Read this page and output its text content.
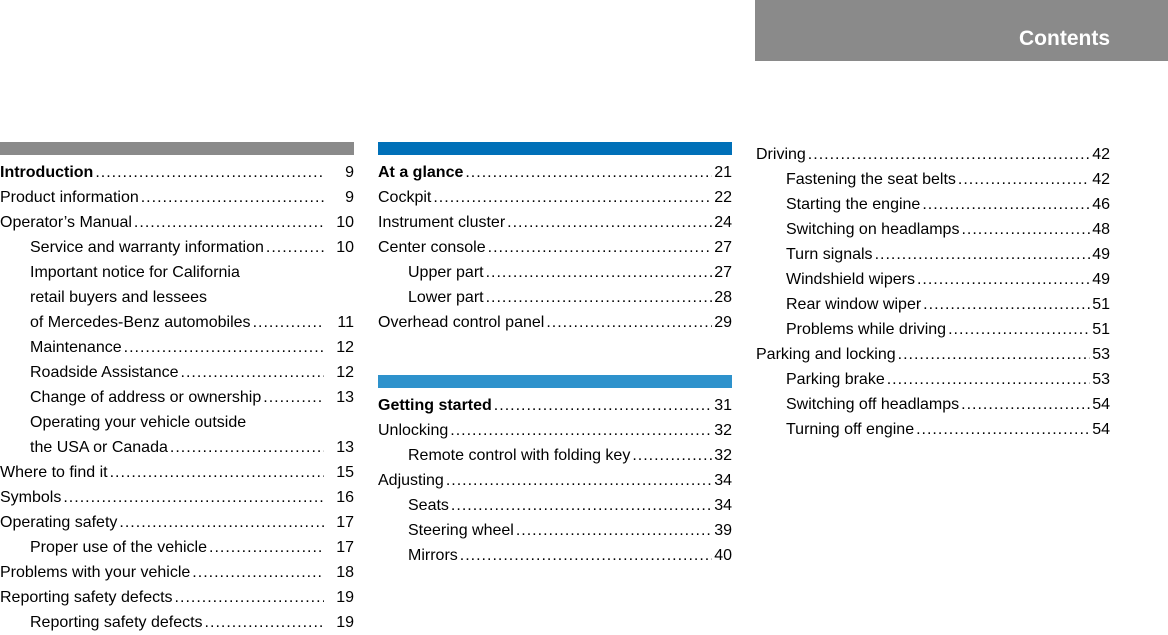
Contents
Introduction .....	9
Product information .....	9
Operator’s Manual .....	10
Service and warranty information .....	10
Important notice for California
retail buyers and lessees
of Mercedes-Benz automobiles .....	11
Maintenance .....	12
Roadside Assistance .....	12
Change of address or ownership .....	13
Operating your vehicle outside
the USA or Canada .....	13
Where to find it .....	15
Symbols .....	16
Operating safety .....	17
Proper use of the vehicle .....	17
Problems with your vehicle .....	18
Reporting safety defects .....	19
Reporting safety defects .....	19
At a glance .....	21
Cockpit .....	22
Instrument cluster .....	24
Center console .....	27
Upper part .....	27
Lower part .....	28
Overhead control panel .....	29
Getting started .....	31
Unlocking .....	32
Remote control with folding key .....	32
Adjusting .....	34
Seats .....	34
Steering wheel .....	39
Mirrors .....	40
Driving .....	42
Fastening the seat belts .....	42
Starting the engine .....	46
Switching on headlamps .....	48
Turn signals .....	49
Windshield wipers .....	49
Rear window wiper .....	51
Problems while driving .....	51
Parking and locking .....	53
Parking brake .....	53
Switching off headlamps .....	54
Turning off engine .....	54
